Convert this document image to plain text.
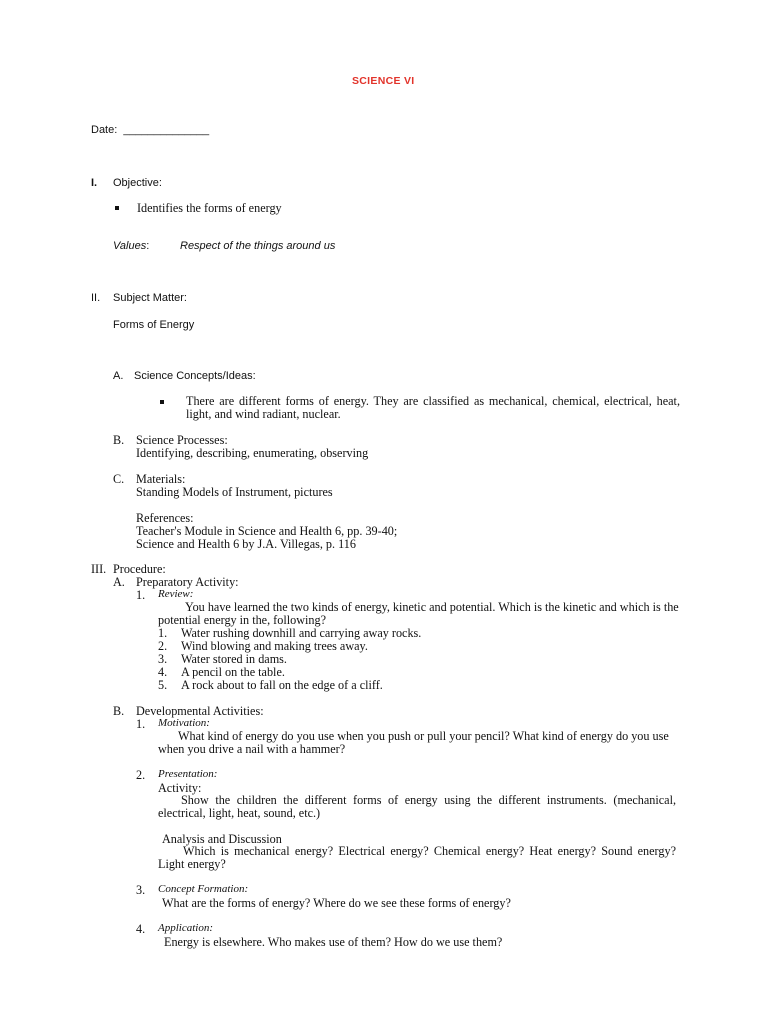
SCIENCE VI
Date: ______________
I. Objective:
Identifies the forms of energy
Values:	Respect of the things around us
II. Subject Matter:
Forms of Energy
A. Science Concepts/Ideas:
There are different forms of energy. They are classified as mechanical, chemical, electrical, heat, light, and wind radiant, nuclear.
B. Science Processes:
Identifying, describing, enumerating, observing
C. Materials:
Standing Models of Instrument, pictures
References:
Teacher's Module in Science and Health 6, pp. 39-40;
Science and Health 6 by J.A. Villegas, p. 116
III. Procedure:
A. Preparatory Activity:
1. Review:
You have learned the two kinds of energy, kinetic and potential. Which is the kinetic and which is the potential energy in the, following?
1. Water rushing downhill and carrying away rocks.
2. Wind blowing and making trees away.
3. Water stored in dams.
4. A pencil on the table.
5. A rock about to fall on the edge of a cliff.
B. Developmental Activities:
1. Motivation:
What kind of energy do you use when you push or pull your pencil? What kind of energy do you use when you drive a nail with a hammer?
2. Presentation:
Activity:
Show the children the different forms of energy using the different instruments. (mechanical, electrical, light, heat, sound, etc.)
Analysis and Discussion
Which is mechanical energy? Electrical energy? Chemical energy? Heat energy? Sound energy? Light energy?
3. Concept Formation:
What are the forms of energy? Where do we see these forms of energy?
4. Application:
Energy is elsewhere. Who makes use of them? How do we use them?
